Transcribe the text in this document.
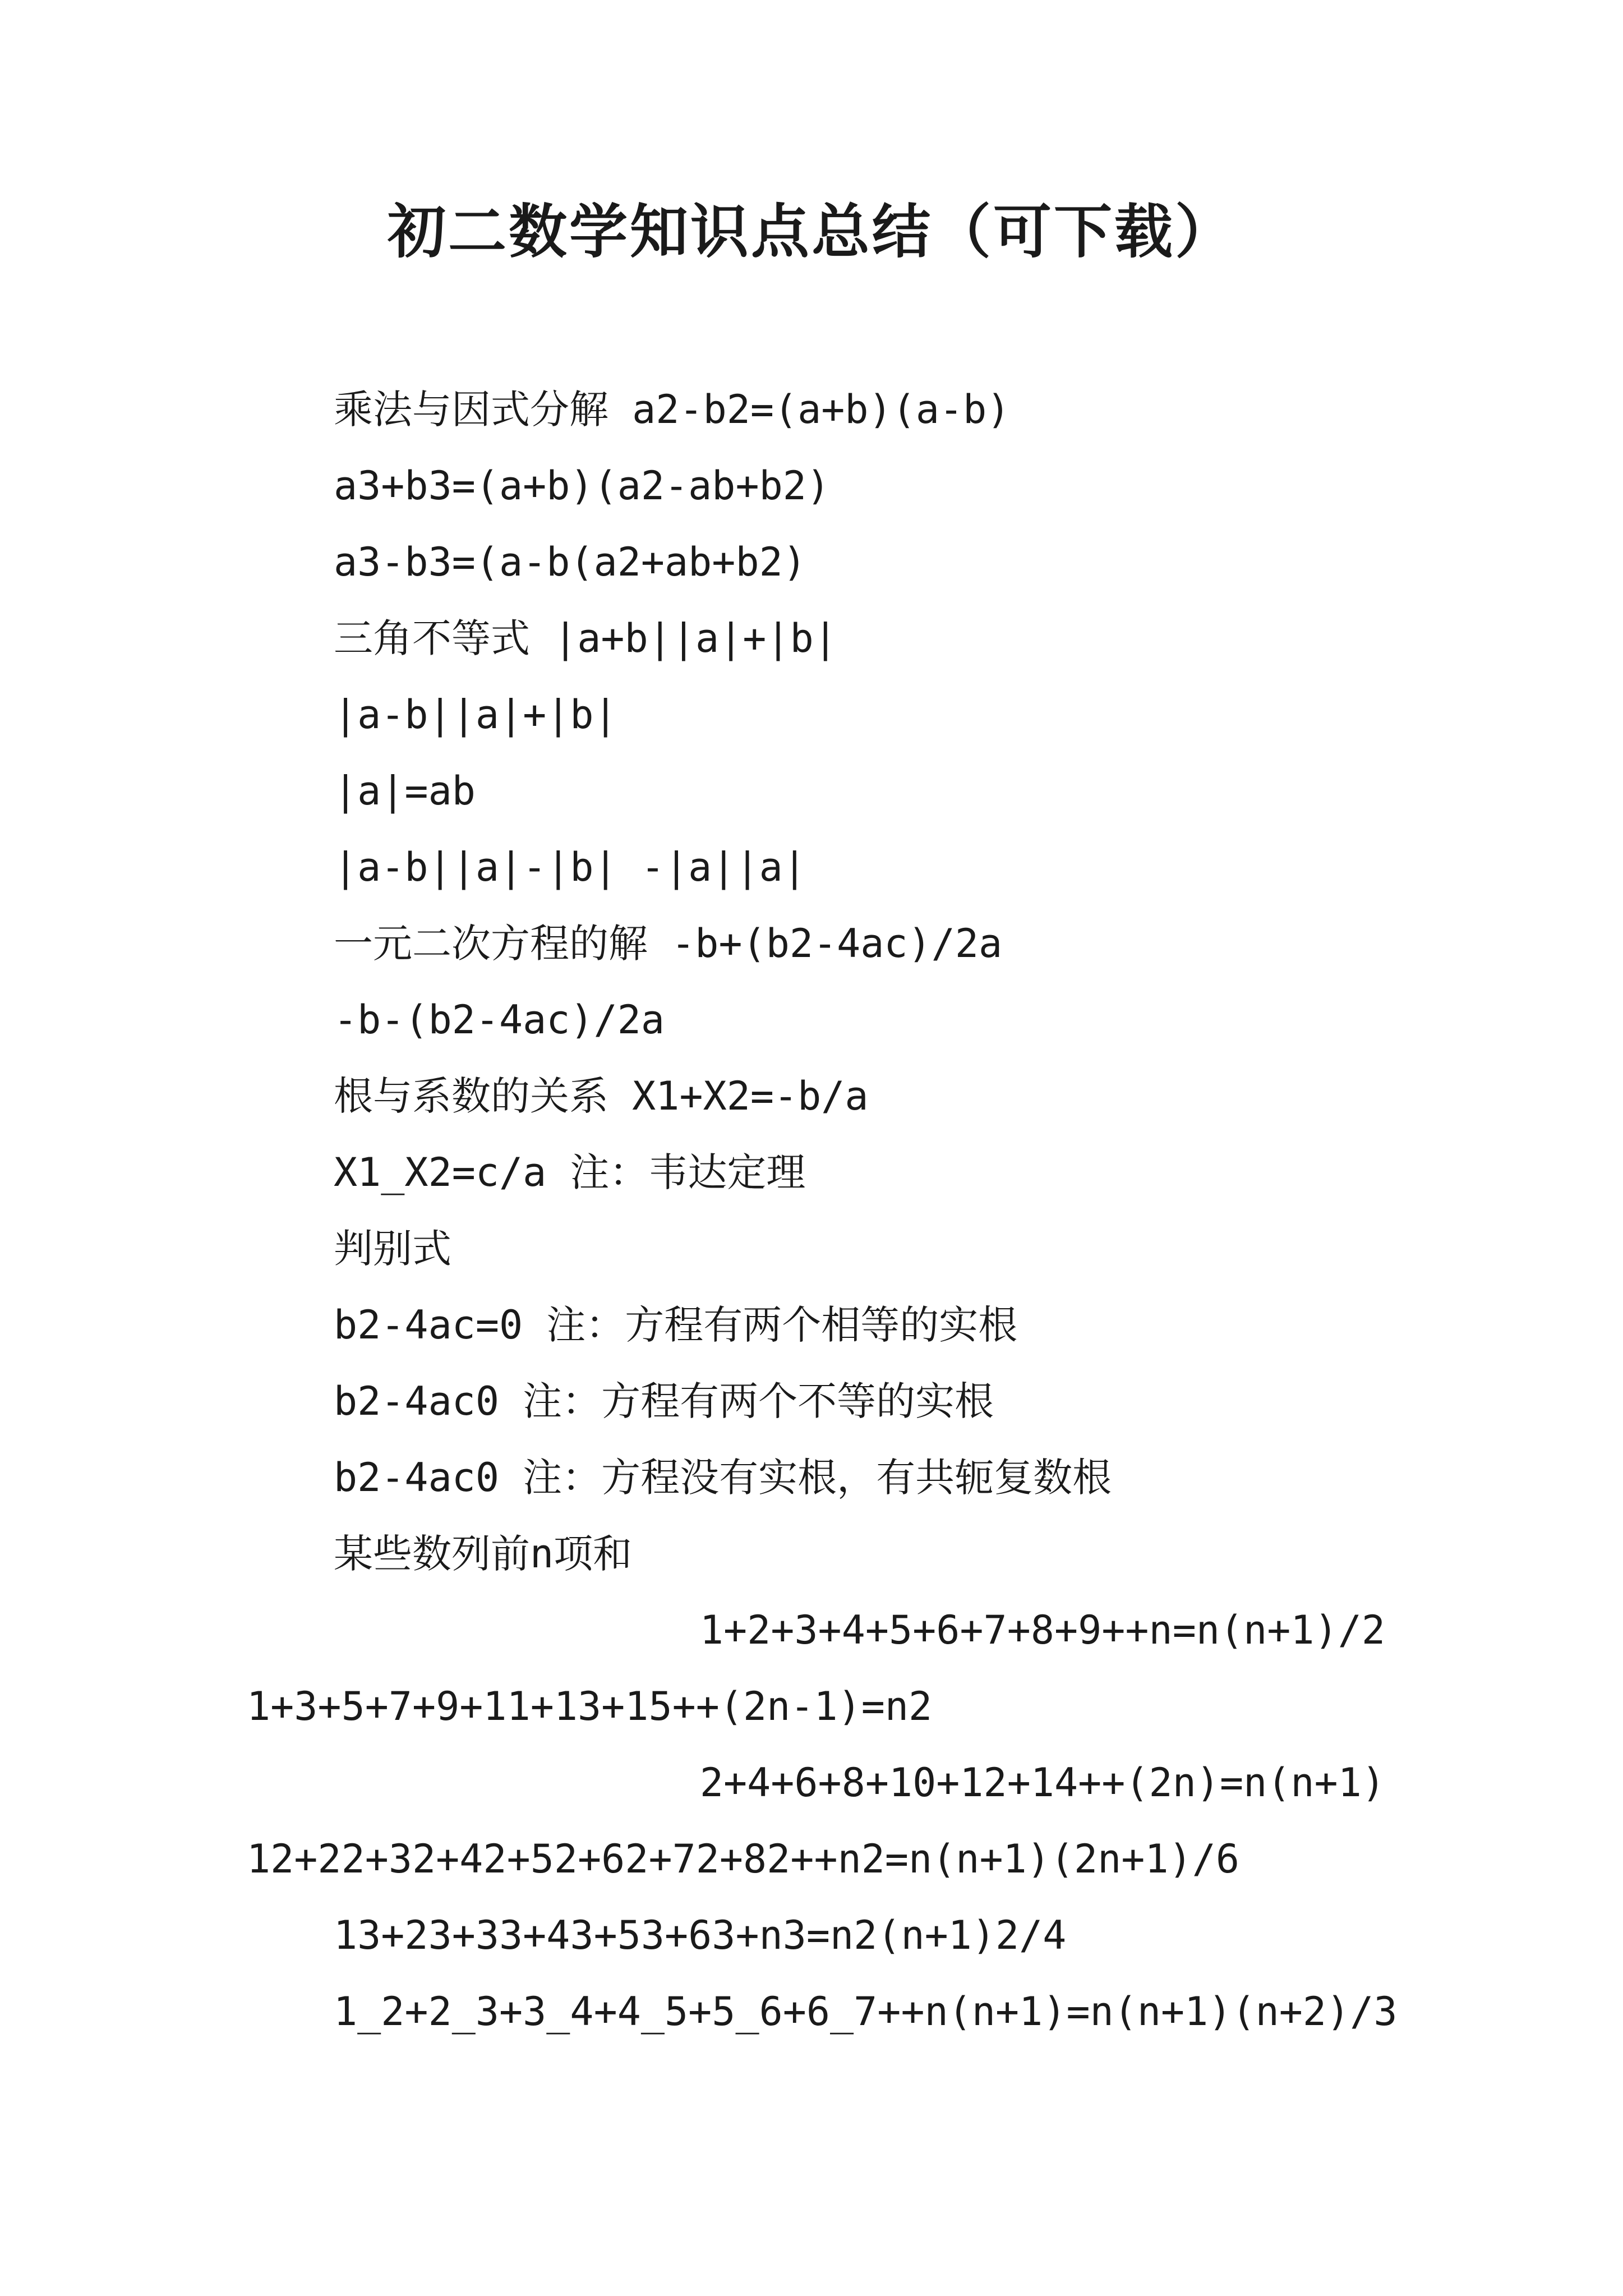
初二数学知识点总结（可下载）
乘法与因式分解 a2-b2=(a+b)(a-b)
a3+b3=(a+b)(a2-ab+b2)
a3-b3=(a-b(a2+ab+b2)
三角不等式 |a+b||a|+|b|
|a-b||a|+|b|
|a|=ab
|a-b||a|-|b| -|a||a|
一元二次方程的解 -b+(b2-4ac)/2a
-b-(b2-4ac)/2a
根与系数的关系 X1+X2=-b/a
X1_X2=c/a 注：韦达定理
判别式
b2-4ac=0 注：方程有两个相等的实根
b2-4ac0 注：方程有两个不等的实根
b2-4ac0 注：方程没有实根，有共轭复数根
某些数列前n项和
1+2+3+4+5+6+7+8+9++n=n(n+1)/2
1+3+5+7+9+11+13+15++(2n-1)=n2
2+4+6+8+10+12+14++(2n)=n(n+1)
12+22+32+42+52+62+72+82++n2=n(n+1)(2n+1)/6
13+23+33+43+53+63+n3=n2(n+1)2/4
1_2+2_3+3_4+4_5+5_6+6_7++n(n+1)=n(n+1)(n+2)/3
